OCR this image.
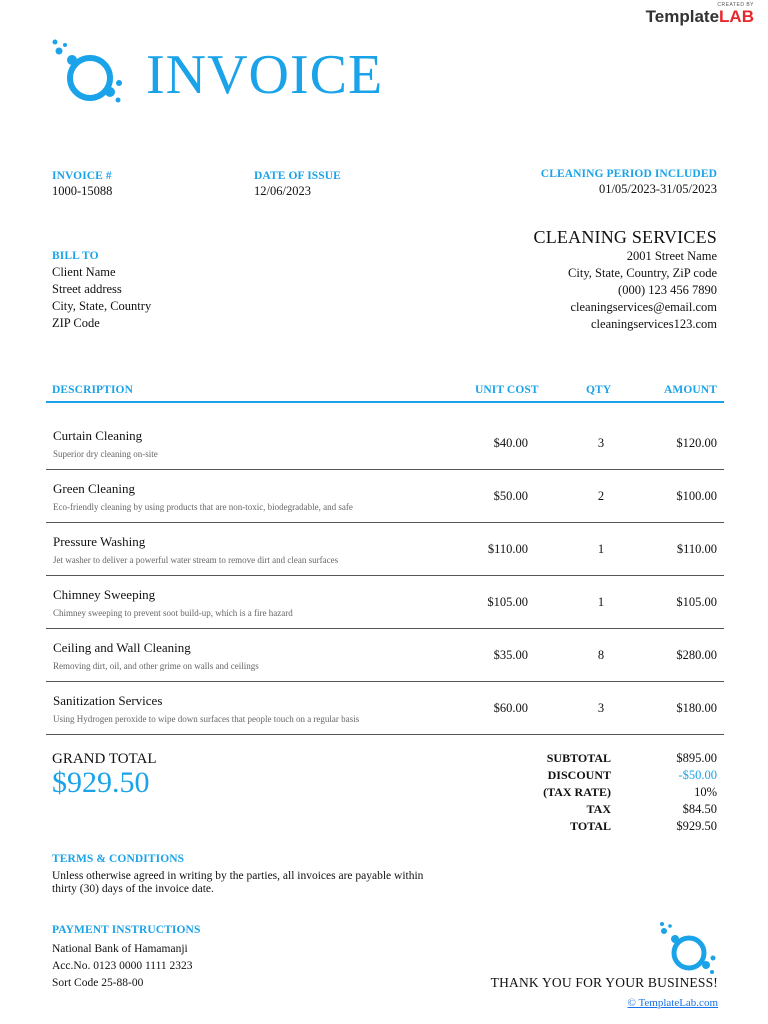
CREATED BY
TemplateLAB
INVOICE
INVOICE #
1000-15088
DATE OF ISSUE
12/06/2023
CLEANING PERIOD INCLUDED
01/05/2023-31/05/2023
BILL TO
Client Name
Street address
City, State, Country
ZIP Code
CLEANING SERVICES
2001 Street Name
City, State, Country, ZiP code
(000) 123 456 7890
cleaningservices@email.com
cleaningservices123.com
DESCRIPTION	UNIT COST	QTY	AMOUNT
Curtain Cleaning
Superior dry cleaning on-site
$40.00	3	$120.00
Green Cleaning
Eco-friendly cleaning by using products that are non-toxic, biodegradable, and safe
$50.00	2	$100.00
Pressure Washing
Jet washer to deliver a powerful water stream to remove dirt and clean surfaces
$110.00	1	$110.00
Chimney Sweeping
Chimney sweeping to prevent soot build-up, which is a fire hazard
$105.00	1	$105.00
Ceiling and Wall Cleaning
Removing dirt, oil, and other grime on walls and ceilings
$35.00	8	$280.00
Sanitization Services
Using Hydrogen peroxide to wipe down surfaces that people touch on a regular basis
$60.00	3	$180.00
GRAND TOTAL
$929.50
SUBTOTAL	$895.00
DISCOUNT	-$50.00
(TAX RATE)	10%
TAX	$84.50
TOTAL	$929.50
TERMS & CONDITIONS
Unless otherwise agreed in writing by the parties, all invoices are payable within thirty (30) days of the invoice date.
PAYMENT INSTRUCTIONS
National Bank of Hamamanji
Acc.No. 0123 0000 1111 2323
Sort Code 25-88-00	THANK YOU FOR YOUR BUSINESS!
© TemplateLab.com
